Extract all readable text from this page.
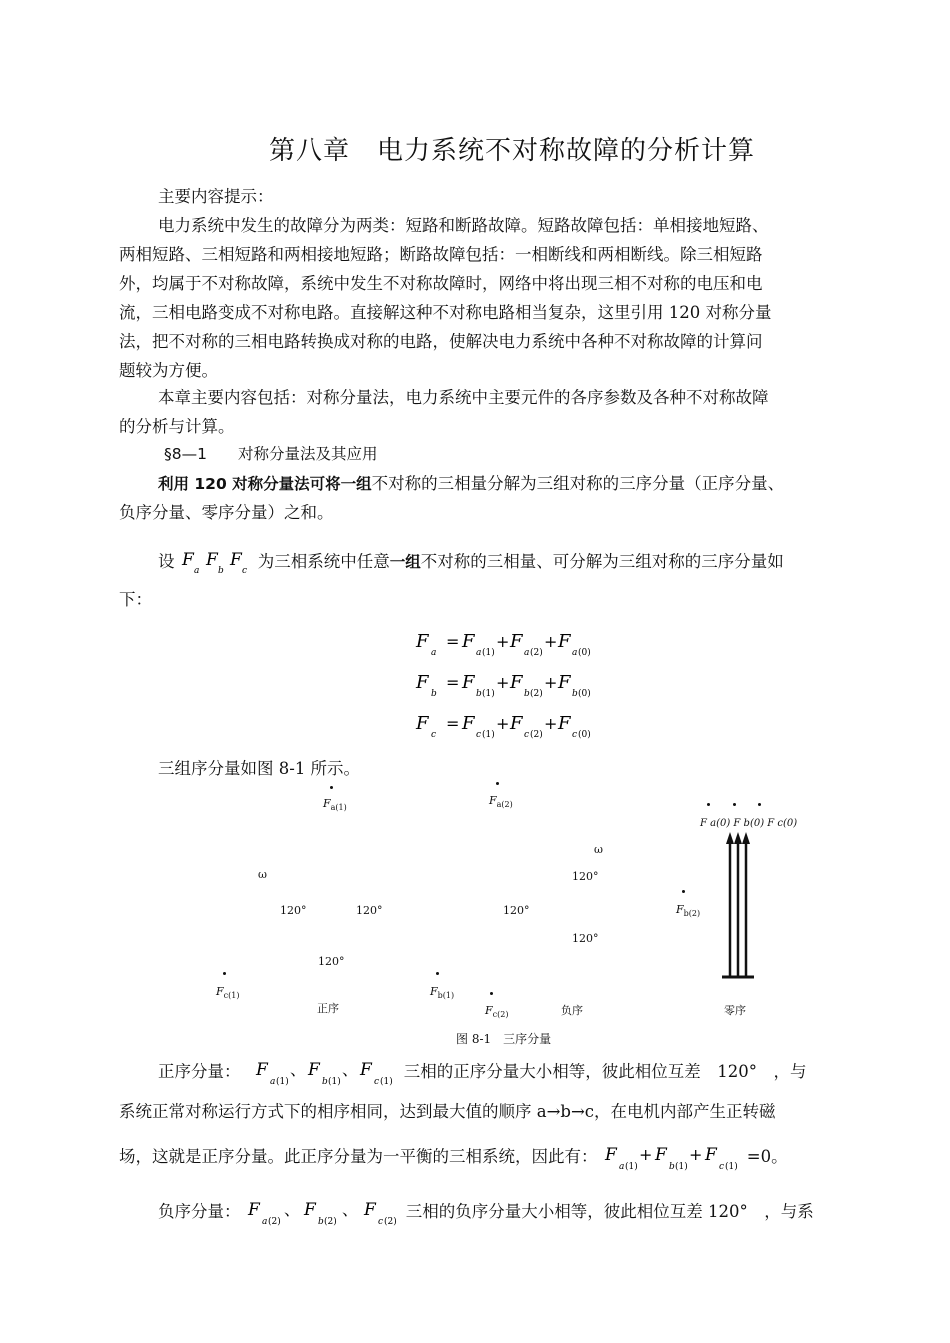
第八章　电力系统不对称故障的分析计算
主要内容提示：
电力系统中发生的故障分为两类：短路和断路故障。短路故障包括：单相接地短路、
两相短路、三相短路和两相接地短路；断路故障包括：一相断线和两相断线。除三相短路
外，均属于不对称故障，系统中发生不对称故障时，网络中将出现三相不对称的电压和电
流，三相电路变成不对称电路。直接解这种不对称电路相当复杂，这里引用 120 对称分量
法，把不对称的三相电路转换成对称的电路，使解决电力系统中各种不对称故障的计算问
题较为方便。
本章主要内容包括：对称分量法，电力系统中主要元件的各序参数及各种不对称故障
的分析与计算。
§8—1　　对称分量法及其应用
利用 120 对称分量法可将一组不对称的三相量分解为三组对称的三序分量（正序分量、
负序分量、零序分量）之和。
设 F
a
F
b
F
c 为三相系统中任意一组不对称的三相量、可分解为三组对称的三序分量如
下：
F
a
= F
a (1)
+ F
a (2)
+ F
a (0)
F
b
= F
b (1)
+ F
b (2)
+ F
b (0)
F
c
= F
c (1)
+ F
c (2)
+ F
c (0)
三组序分量如图 8-1 所示。
$F_{a(1)}$
ω
120°	120°
120°
$F_{c(1)}$
正序
$F_{a(2)}$
ω
120°
120°
120°
$F_{b(1)}$
$F_{c(2)}$	负序
F a(0) F b(0) F c(0)
$F_{b(2)}$
零序
图 8-1　三序分量
正序分量： F
a (1)
、 F
b (1)
、 F
c (1)
三相的正序分量大小相等，彼此相位互差　120°　，与
系统正常对称运行方式下的相序相同，达到最大值的顺序 a→b→c，在电机内部产生正转磁
场，这就是正序分量。此正序分量为一平衡的三相系统，因此有： F
a (1)
+ F
b (1)
+ F
c (1)
=0。
负序分量： F
a (2)
、 F
b (2)
、 F
c (2)
三相的负序分量大小相等，彼此相位互差 120°　，与系
